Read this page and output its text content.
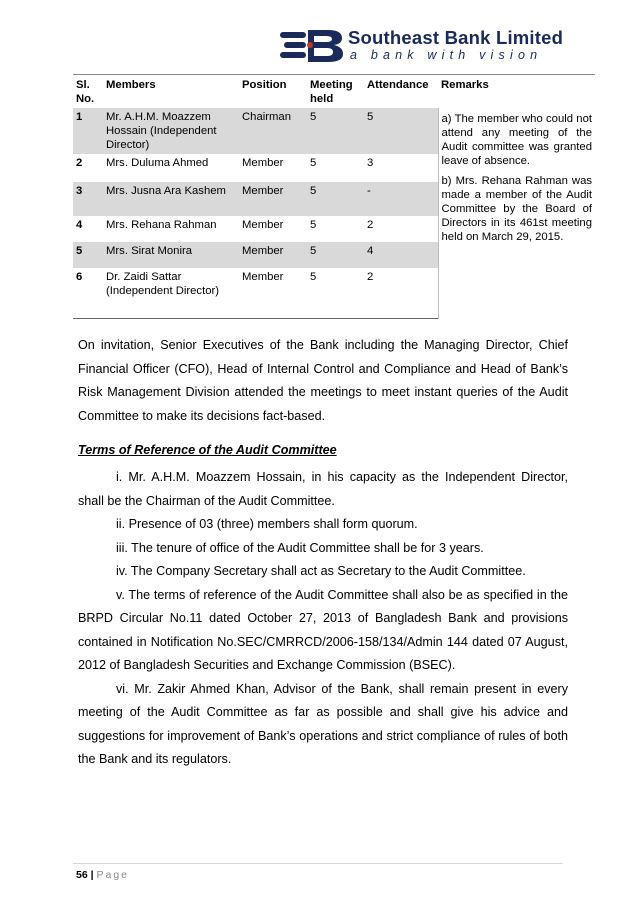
Southeast Bank Limited
a bank with vision
Sl. No.	Members	Position	Meeting held	Attendance	Remarks
1	Mr. A.H.M. Moazzem Hossain (Independent Director)	Chairman	5	5	a) The member who could not attend any meeting of the Audit committee was granted leave of absence.
b) Mrs. Rehana Rahman was made a member of the Audit Committee by the Board of Directors in its 461st meeting held on March 29, 2015.

2	Mrs. Duluma Ahmed	Member	5	3	
3	Mrs. Jusna Ara Kashem	Member	5	-	
4	Mrs. Rehana Rahman	Member	5	2	
5	Mrs. Sirat Monira	Member	5	4	
6	Dr. Zaidi Sattar (Independent Director)	Member	5	2	
On invitation, Senior Executives of the Bank including the Managing Director, Chief Financial Officer (CFO), Head of Internal Control and Compliance and Head of Bank’s Risk Management Division attended the meetings to meet instant queries of the Audit Committee to make its decisions fact-based.
Terms of Reference of the Audit Committee

i. Mr. A.H.M. Moazzem Hossain, in his capacity as the Independent Director, shall be the Chairman of the Audit Committee.

ii. Presence of 03 (three) members shall form quorum.

iii. The tenure of office of the Audit Committee shall be for 3 years.

iv. The Company Secretary shall act as Secretary to the Audit Committee.

v. The terms of reference of the Audit Committee shall also be as specified in the BRPD Circular No.11 dated October 27, 2013 of Bangladesh Bank and provisions contained in Notification No.SEC/CMRRCD/2006-158/134/Admin 144 dated 07 August, 2012 of Bangladesh Securities and Exchange Commission (BSEC).

vi. Mr. Zakir Ahmed Khan, Advisor of the Bank, shall remain present in every meeting of the Audit Committee as far as possible and shall give his advice and suggestions for improvement of Bank’s operations and strict compliance of rules of both the Bank and its regulators.

56 | Page
